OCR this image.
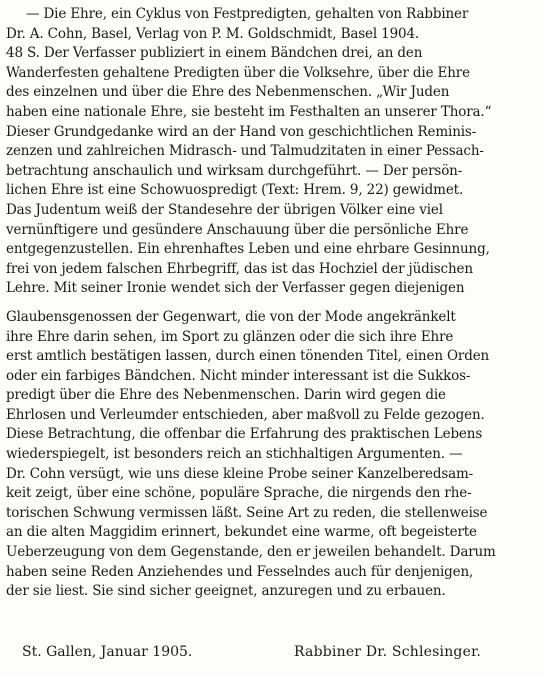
— Die Ehre, ein Cyklus von Festpredigten, gehalten von Rabbiner
Dr. A. Cohn, Basel, Verlag von P. M. Goldschmidt, Basel 1904.
48 S. Der Verfasser publiziert in einem Bändchen drei, an den
Wanderfesten gehaltene Predigten über die Volksehre, über die Ehre
des einzelnen und über die Ehre des Nebenmenschen. „Wir Juden
haben eine nationale Ehre, sie besteht im Festhalten an unserer Thora.“
Dieser Grundgedanke wird an der Hand von geschichtlichen Reminis-
zenzen und zahlreichen Midrasch- und Talmudzitaten in einer Pessach-
betrachtung anschaulich und wirksam durchgeführt. — Der persön-
lichen Ehre ist eine Schowuospredigt (Text: Hrem. 9, 22) gewidmet.
Das Judentum weiß der Standesehre der übrigen Völker eine viel
vernünftigere und gesündere Anschauung über die persönliche Ehre
entgegenzustellen. Ein ehrenhaftes Leben und eine ehrbare Gesinnung,
frei von jedem falschen Ehrbegriff, das ist das Hochziel der jüdischen
Lehre. Mit seiner Ironie wendet sich der Verfasser gegen diejenigen
Glaubensgenossen der Gegenwart, die von der Mode angekränkelt
ihre Ehre darin sehen, im Sport zu glänzen oder die sich ihre Ehre
erst amtlich bestätigen lassen, durch einen tönenden Titel, einen Orden
oder ein farbiges Bändchen. Nicht minder interessant ist die Sukkos-
predigt über die Ehre des Nebenmenschen. Darin wird gegen die
Ehrlosen und Verleumder entschieden, aber maßvoll zu Felde gezogen.
Diese Betrachtung, die offenbar die Erfahrung des praktischen Lebens
wiederspiegelt, ist besonders reich an stichhaltigen Argumenten. —
Dr. Cohn versügt, wie uns diese kleine Probe seiner Kanzelberedsam-
keit zeigt, über eine schöne, populäre Sprache, die nirgends den rhe-
torischen Schwung vermissen läßt. Seine Art zu reden, die stellenweise
an die alten Maggidim erinnert, bekundet eine warme, oft begeisterte
Ueberzeugung von dem Gegenstande, den er jeweilen behandelt. Darum
haben seine Reden Anziehendes und Fesselndes auch für denjenigen,
der sie liest. Sie sind sicher geeignet, anzuregen und zu erbauen.
St. Gallen, Januar 1905.	Rabbiner Dr. Schlesinger.
